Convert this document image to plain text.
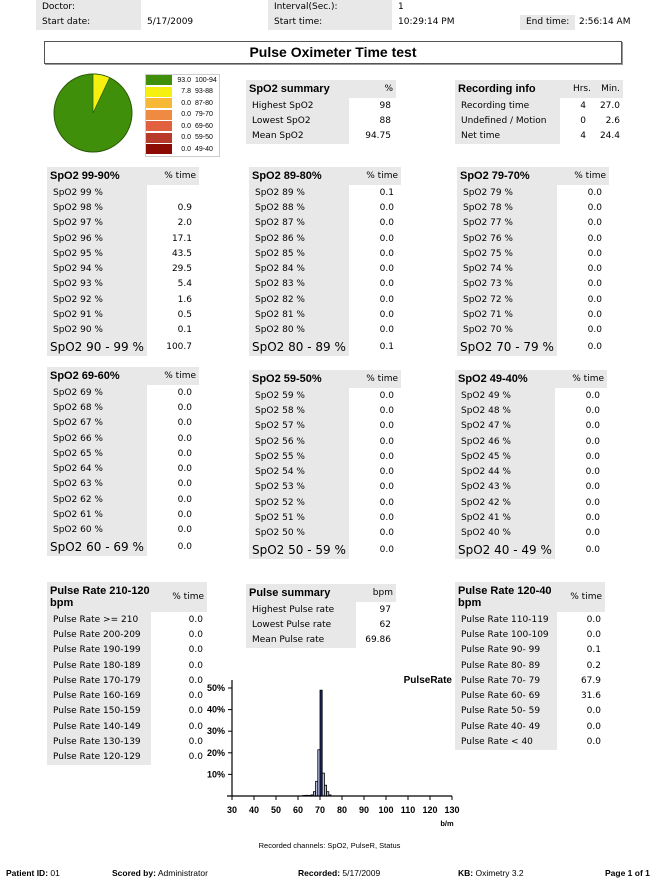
Doctor:
Start date:	5/17/2009
Interval(Sec.):	1
Start time:	10:29:14 PM	End time:	2:56:14 AM
Pulse Oximeter Time test
93.0 100-94
7.8 93-88
0.0 87-80
0.0 79-70
0.0 69-60
0.0 59-50
0.0 49-40
SpO2 summary	%
Highest SpO2	98
Lowest SpO2	88
Mean SpO2	94.75
Recording info	Hrs.	Min.
Recording time	4	27.0
Undefined / Motion	0	2.6
Net time	4	24.4
SpO2 99-90%	% time
SpO2 99 %
SpO2 98 %	0.9
SpO2 97 %	2.0
SpO2 96 %	17.1
SpO2 95 %	43.5
SpO2 94 %	29.5
SpO2 93 %	5.4
SpO2 92 %	1.6
SpO2 91 %	0.5
SpO2 90 %	0.1
SpO2 90 - 99 %	100.7
SpO2 89-80%	% time
SpO2 89 %	0.1
SpO2 88 %	0.0
SpO2 87 %	0.0
SpO2 86 %	0.0
SpO2 85 %	0.0
SpO2 84 %	0.0
SpO2 83 %	0.0
SpO2 82 %	0.0
SpO2 81 %	0.0
SpO2 80 %	0.0
SpO2 80 - 89 %	0.1
SpO2 79-70%	% time
SpO2 79 %	0.0
SpO2 78 %	0.0
SpO2 77 %	0.0
SpO2 76 %	0.0
SpO2 75 %	0.0
SpO2 74 %	0.0
SpO2 73 %	0.0
SpO2 72 %	0.0
SpO2 71 %	0.0
SpO2 70 %	0.0
SpO2 70 - 79 %	0.0
SpO2 69-60%	% time
SpO2 69 %	0.0
SpO2 68 %	0.0
SpO2 67 %	0.0
SpO2 66 %	0.0
SpO2 65 %	0.0
SpO2 64 %	0.0
SpO2 63 %	0.0
SpO2 62 %	0.0
SpO2 61 %	0.0
SpO2 60 %	0.0
SpO2 60 - 69 %	0.0
SpO2 59-50%	% time
SpO2 59 %	0.0
SpO2 58 %	0.0
SpO2 57 %	0.0
SpO2 56 %	0.0
SpO2 55 %	0.0
SpO2 54 %	0.0
SpO2 53 %	0.0
SpO2 52 %	0.0
SpO2 51 %	0.0
SpO2 50 %	0.0
SpO2 50 - 59 %	0.0
SpO2 49-40%	% time
SpO2 49 %	0.0
SpO2 48 %	0.0
SpO2 47 %	0.0
SpO2 46 %	0.0
SpO2 45 %	0.0
SpO2 44 %	0.0
SpO2 43 %	0.0
SpO2 42 %	0.0
SpO2 41 %	0.0
SpO2 40 %	0.0
SpO2 40 - 49 %	0.0
Pulse Rate 210-120 bpm	% time
Pulse Rate >= 210	0.0
Pulse Rate 200-209	0.0
Pulse Rate 190-199	0.0
Pulse Rate 180-189	0.0
Pulse Rate 170-179	0.0
Pulse Rate 160-169	0.0
Pulse Rate 150-159	0.0
Pulse Rate 140-149	0.0
Pulse Rate 130-139	0.0
Pulse Rate 120-129	0.0
Pulse summary	bpm
Highest Pulse rate	97
Lowest Pulse rate	62
Mean Pulse rate	69.86
Pulse Rate 120-40 bpm	% time
Pulse Rate 110-119	0.0
Pulse Rate 100-109	0.0
Pulse Rate 90- 99	0.1
Pulse Rate 80- 89	0.2
Pulse Rate 70- 79	67.9
Pulse Rate 60- 69	31.6
Pulse Rate 50- 59	0.0
Pulse Rate 40- 49	0.0
Pulse Rate < 40	0.0
PulseRate
30 40 50 60 70 80 90 100 110 120 130
10%
20%
30%
40%
50%
b/m
Recorded channels: SpO2, PulseR, Status
Patient ID: 01	Scored by: Administrator	Recorded: 5/17/2009	KB: Oximetry 3.2	Page 1 of 1
